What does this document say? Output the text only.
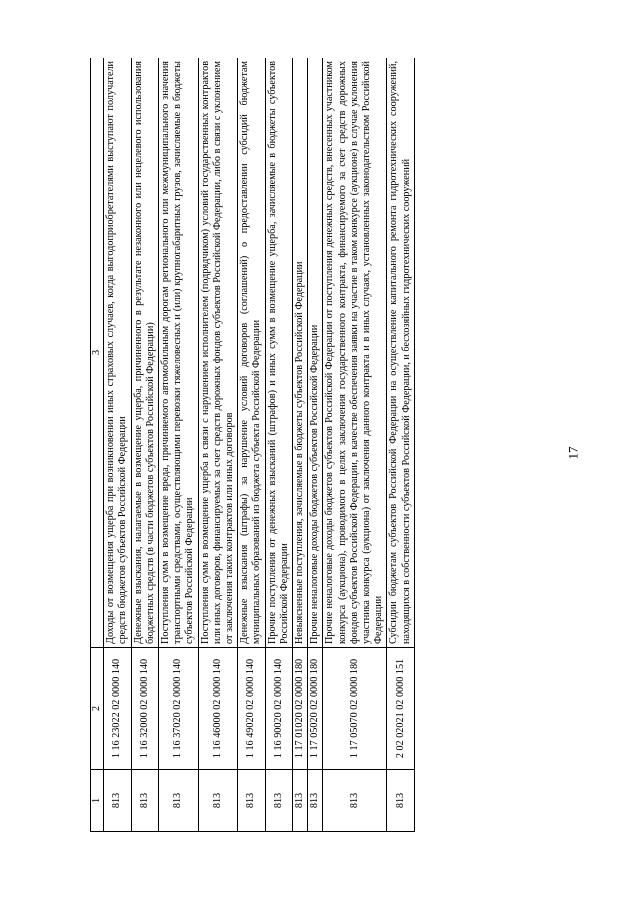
17
1	2	3
813	1 16 23022 02 0000 140	Доходы от возмещения ущерба при возникновении иных страховых случаев, когда выгодоприобретателями выступают получатели средств бюджетов субъектов Российской Федерации
813	1 16 32000 02 0000 140	Денежные взыскания, налагаемые в возмещение ущерба, причиненного в результате незаконного или нецелевого использования бюджетных средств (в части бюджетов субъектов Российской Федерации)
813	1 16 37020 02 0000 140	Поступления сумм в возмещение вреда, причиняемого автомобильным дорогам регионального или межмуниципального значения транспортными средствами, осуществляющими перевозки тяжеловесных и (или) крупногабаритных грузов, зачисляемые в бюджеты субъектов Российской Федерации
813	1 16 46000 02 0000 140	Поступления сумм в возмещение ущерба в связи с нарушением исполнителем (подрядчиком) условий государственных контрактов или иных договоров, финансируемых за счет средств дорожных фондов субъектов Российской Федерации, либо в связи с уклонением от заключения таких контрактов или иных договоров
813	1 16 49020 02 0000 140	Денежные взыскания (штрафы) за нарушение условий договоров (соглашений) о предоставлении субсидий бюджетам муниципальных образований из бюджета субъекта Российской Федерации
813	1 16 90020 02 0000 140	Прочие поступления от денежных взысканий (штрафов) и иных сумм в возмещение ущерба, зачисляемые в бюджеты субъектов Российской Федерации
813	1 17 01020 02 0000 180	Невыясненные поступления, зачисляемые в бюджеты субъектов Российской Федерации
813	1 17 05020 02 0000 180	Прочие неналоговые доходы бюджетов субъектов Российской Федерации
813	1 17 05070 02 0000 180	Прочие неналоговые доходы бюджетов субъектов Российской Федерации от поступления денежных средств, внесенных участником конкурса (аукциона), проводимого в целях заключения государственного контракта, финансируемого за счет средств дорожных фондов субъектов Российской Федерации, в качестве обеспечения заявки на участие в таком конкурсе (аукционе) в случае уклонения участника конкурса (аукциона) от заключения данного контракта и в иных случаях, установленных законодательством Российской Федерации
813	2 02 02021 02 0000 151	Субсидии бюджетам субъектов Российской Федерации на осуществление капитального ремонта гидротехнических сооружений, находящихся в собственности субъектов Российской Федерации, и бесхозяйных гидротехнических сооружений
